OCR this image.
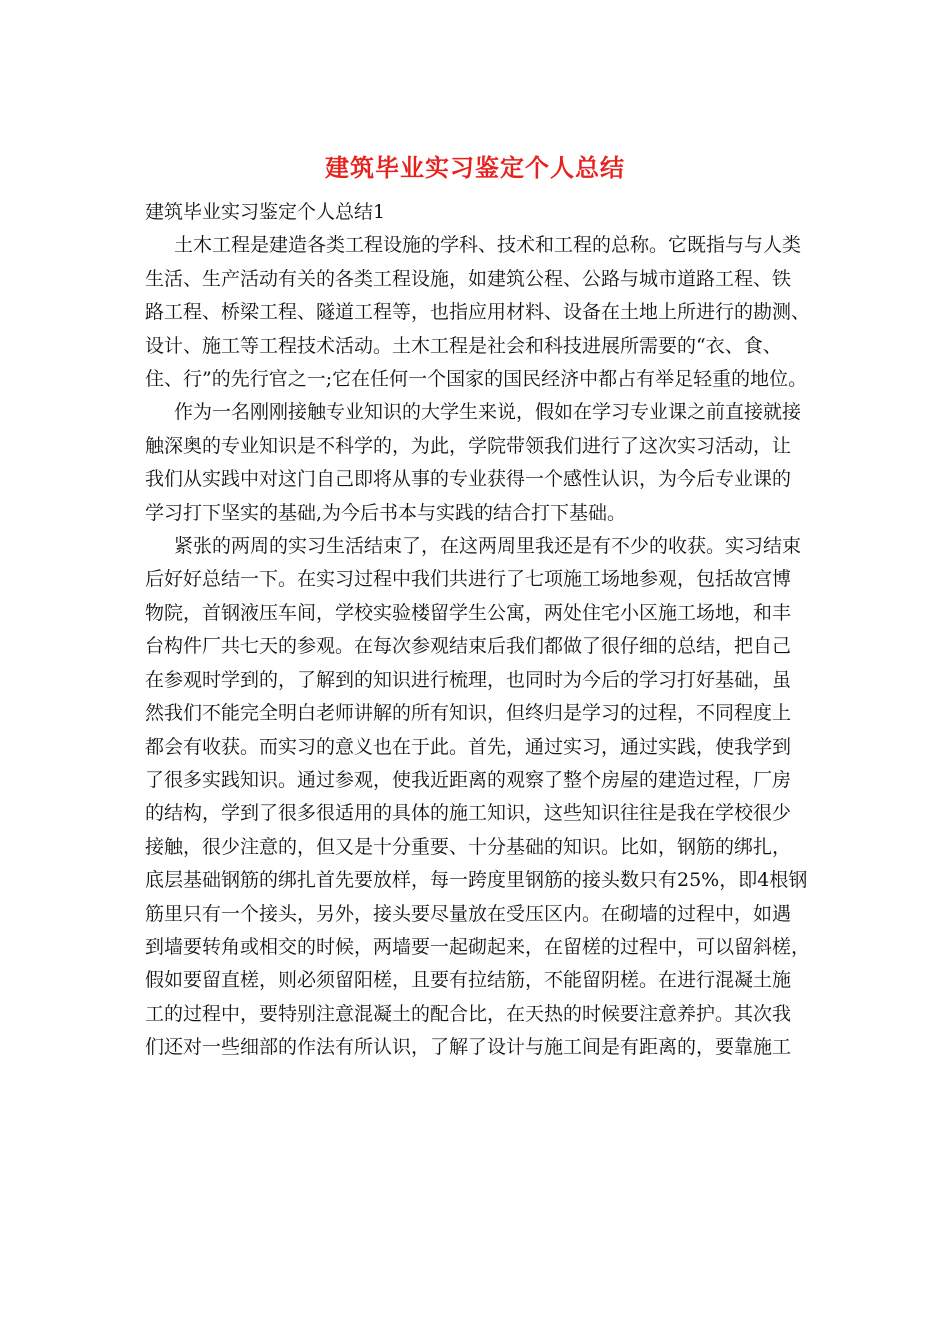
建筑毕业实习鉴定个人总结

建筑毕业实习鉴定个人总结1

土木工程是建造各类工程设施的学科、技术和工程的总称。它既指与与人类
生活、生产活动有关的各类工程设施，如建筑公程、公路与城市道路工程、铁
路工程、桥梁工程、隧道工程等，也指应用材料、设备在土地上所进行的勘测、
设计、施工等工程技术活动。土木工程是社会和科技进展所需要的“衣、食、
住、行”的先行官之一;它在任何一个国家的国民经济中都占有举足轻重的地位。
作为一名刚刚接触专业知识的大学生来说，假如在学习专业课之前直接就接
触深奥的专业知识是不科学的，为此，学院带领我们进行了这次实习活动，让
我们从实践中对这门自己即将从事的专业获得一个感性认识，为今后专业课的
学习打下坚实的基础,为今后书本与实践的结合打下基础。
紧张的两周的实习生活结束了，在这两周里我还是有不少的收获。实习结束
后好好总结一下。在实习过程中我们共进行了七项施工场地参观，包括故宫博
物院，首钢液压车间，学校实验楼留学生公寓，两处住宅小区施工场地，和丰
台构件厂共七天的参观。在每次参观结束后我们都做了很仔细的总结，把自己
在参观时学到的，了解到的知识进行梳理，也同时为今后的学习打好基础，虽
然我们不能完全明白老师讲解的所有知识，但终归是学习的过程，不同程度上
都会有收获。而实习的意义也在于此。首先，通过实习，通过实践，使我学到
了很多实践知识。通过参观，使我近距离的观察了整个房屋的建造过程，厂房
的结构，学到了很多很适用的具体的施工知识，这些知识往往是我在学校很少
接触，很少注意的，但又是十分重要、十分基础的知识。比如，钢筋的绑扎，
底层基础钢筋的绑扎首先要放样，每一跨度里钢筋的接头数只有25%，即4根钢
筋里只有一个接头，另外，接头要尽量放在受压区内。在砌墙的过程中，如遇
到墙要转角或相交的时候，两墙要一起砌起来，在留槎的过程中，可以留斜槎，
假如要留直槎，则必须留阳槎，且要有拉结筋，不能留阴槎。在进行混凝土施
工的过程中，要特别注意混凝土的配合比，在天热的时候要注意养护。其次我
们还对一些细部的作法有所认识，了解了设计与施工间是有距离的，要靠施工
